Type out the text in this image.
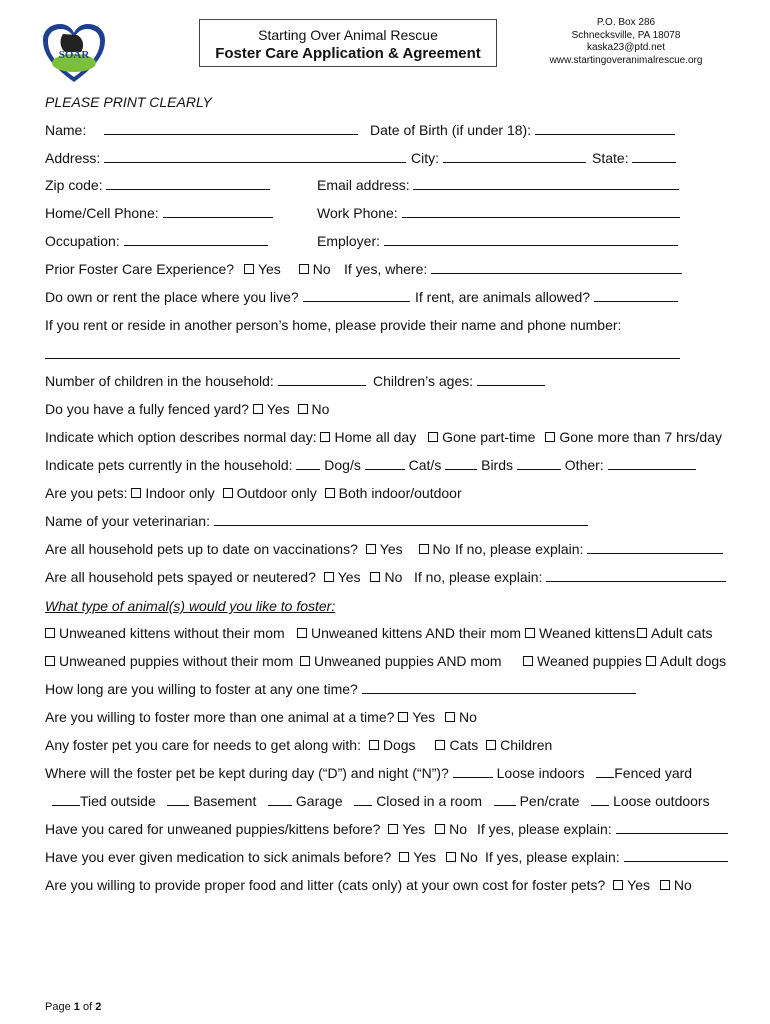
SOAR
Starting Over Animal Rescue
Foster Care Application & Agreement
P.O. Box 286
Schnecksville, PA 18078
kaska23@ptd.net
www.startingoveranimalrescue.org
PLEASE PRINT CLEARLY
Name:	Date of Birth (if under 18):
Address:	City:	State:
Zip code:	Email address:
Home/Cell Phone:	Work Phone:
Occupation:	Employer:
Prior Foster Care Experience? Yes No If yes, where:
Do own or rent the place where you live?	If rent, are animals allowed?
If you rent or reside in another person’s home, please provide their name and phone number:
Number of children in the household:	Children’s ages:
Do you have a fully fenced yard? Yes No
Indicate which option describes normal day: Home all day Gone part-time Gone more than 7 hrs/day
Indicate pets currently in the household: Dog/s	Cat/s	Birds	Other:
Are you pets: Indoor only Outdoor only Both indoor/outdoor
Name of your veterinarian:
Are all household pets up to date on vaccinations? Yes No If no, please explain:
Are all household pets spayed or neutered? Yes No If no, please explain:
What type of animal(s) would you like to foster:
Unweaned kittens without their mom	Unweaned kittens AND their mom	Weaned kittens	Adult cats
Unweaned puppies without their mom	Unweaned puppies AND mom	Weaned puppies	Adult dogs
How long are you willing to foster at any one time?
Are you willing to foster more than one animal at a time? Yes No
Any foster pet you care for needs to get along with: Dogs Cats Children
Where will the foster pet be kept during day (“D”) and night (“N”)?	Loose indoors Fenced yard
Tied outside	Basement	Garage Closed in a room	Pen/crate Loose outdoors
Have you cared for unweaned puppies/kittens before? Yes No If yes, please explain:
Have you ever given medication to sick animals before? Yes No If yes, please explain:
Are you willing to provide proper food and litter (cats only) at your own cost for foster pets? Yes No
Page 1 of 2
